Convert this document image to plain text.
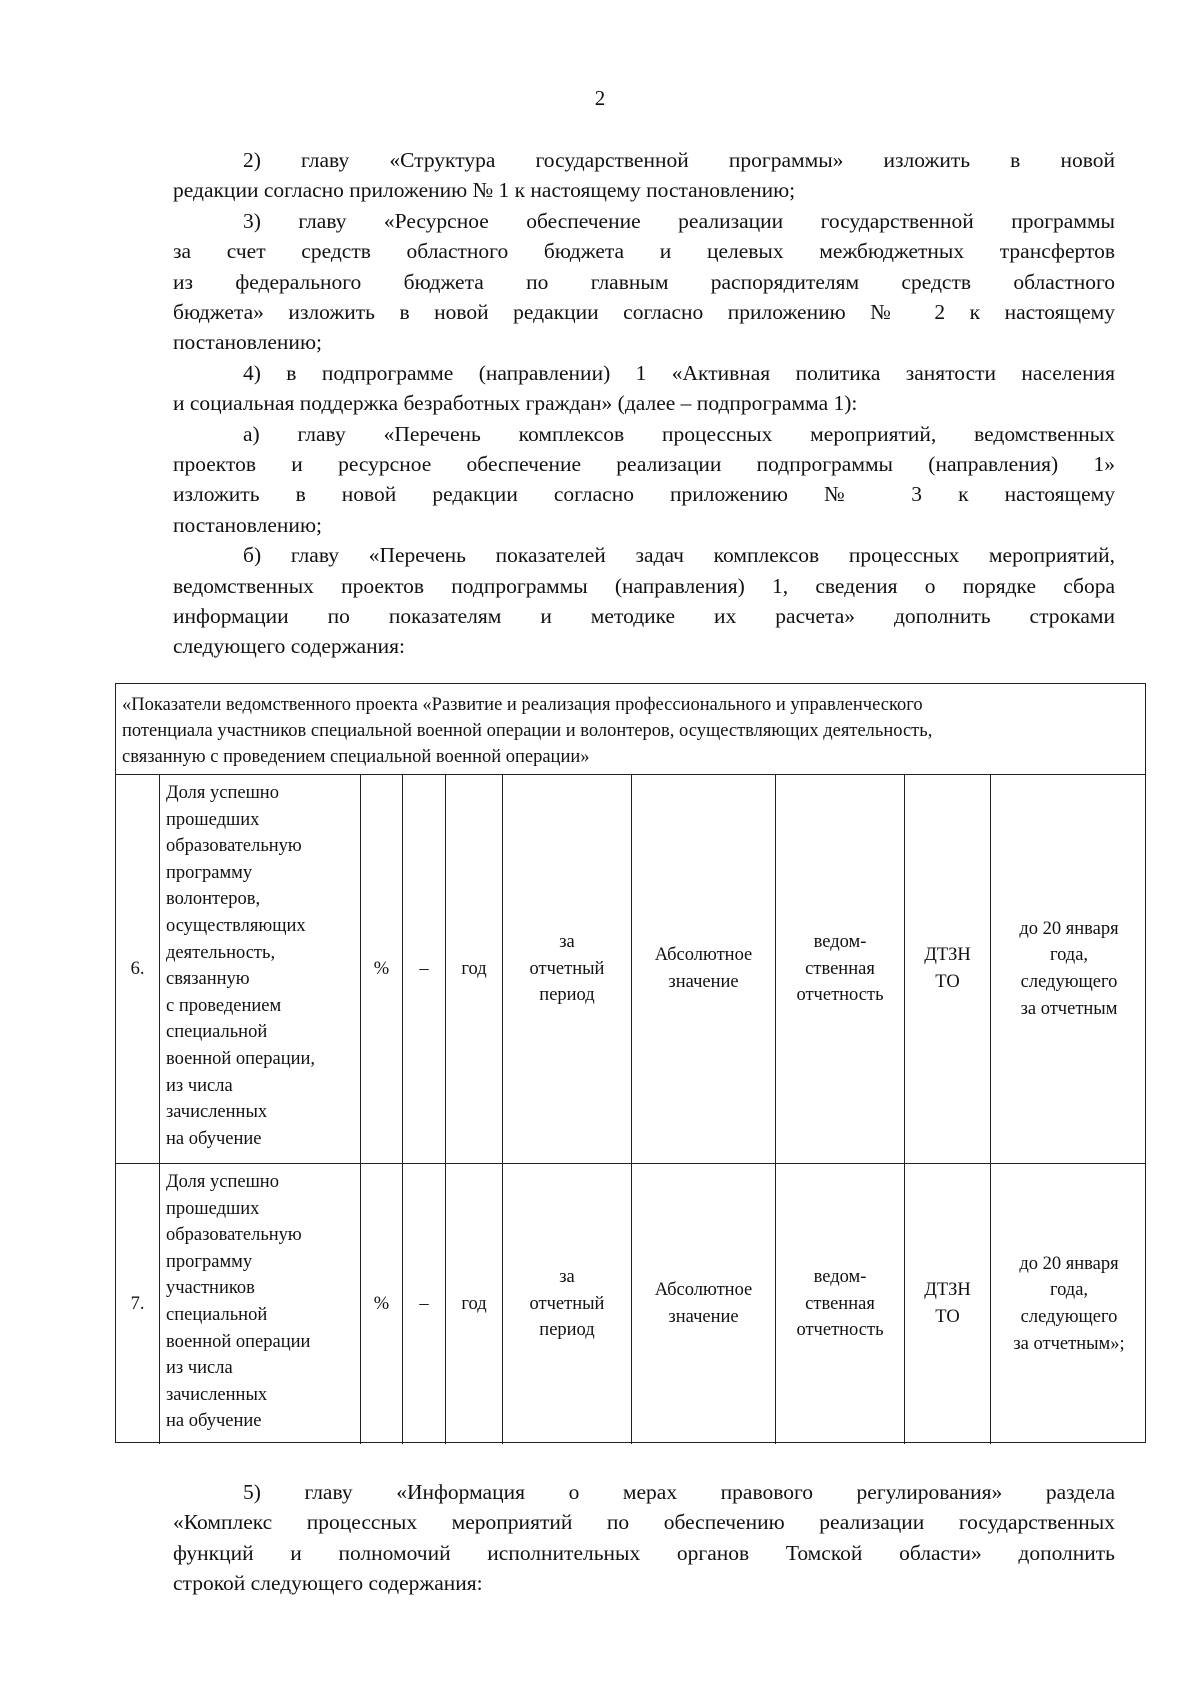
2
2) главу «Структура государственной программы» изложить в новой
редакции согласно приложению № 1 к настоящему постановлению;
3) главу «Ресурсное обеспечение реализации государственной программы
за счет средств областного бюджета и целевых межбюджетных трансфертов
из федерального бюджета по главным распорядителям средств областного
бюджета» изложить в новой редакции согласно приложению № 2 к настоящему
постановлению;
4) в подпрограмме (направлении) 1 «Активная политика занятости населения
и социальная поддержка безработных граждан» (далее – подпрограмма 1):
а) главу «Перечень комплексов процессных мероприятий, ведомственных
проектов и ресурсное обеспечение реализации подпрограммы (направления) 1»
изложить в новой редакции согласно приложению № 3 к настоящему
постановлению;
б) главу «Перечень показателей задач комплексов процессных мероприятий,
ведомственных проектов подпрограммы (направления) 1, сведения о порядке сбора
информации по показателям и методике их расчета» дополнить строками
следующего содержания:
«Показатели ведомственного проекта «Развитие и реализация профессионального и управленческого
потенциала участников специальной военной операции и волонтеров, осуществляющих деятельность,
связанную с проведением специальной военной операции»
6.
Доля успешно
прошедших
образовательную
программу
волонтеров,
осуществляющих
деятельность,
связанную
с проведением
специальной
военной операции,
из числа
зачисленных
на обучение
% – год
за
отчетный
период
Абсолютное
значение
ведом-
ственная
отчетность
ДТЗН
ТО
до 20 января
года,
следующего
за отчетным
7.
Доля успешно
прошедших
образовательную
программу
участников
специальной
военной операции
из числа
зачисленных
на обучение
% – год
за
отчетный
период
Абсолютное
значение
ведом-
ственная
отчетность
ДТЗН
ТО
до 20 января
года,
следующего
за отчетным»;
5) главу «Информация о мерах правового регулирования» раздела
«Комплекс процессных мероприятий по обеспечению реализации государственных
функций и полномочий исполнительных органов Томской области» дополнить
строкой следующего содержания:
